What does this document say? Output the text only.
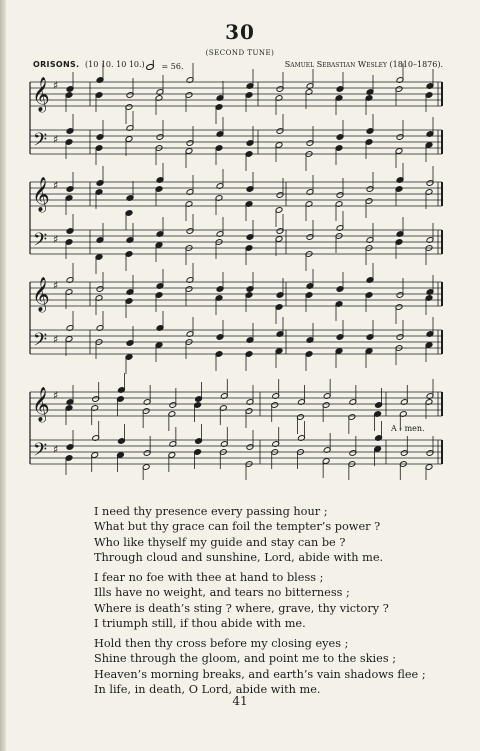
30
(SECOND TUNE)
ORISONS. (10 10. 10 10.)	= 56.	Samuel Sebastian Wesley (1810–1876).
𝄞
𝄢
♯
♯
𝄞
𝄢
♯
♯
𝄞
𝄢
♯
♯
𝄞
𝄢
♯
♯
A - men.
I need thy presence every passing hour ;
What but thy grace can foil the tempter’s power ?
Who like thyself my guide and stay can be ?
Through cloud and sunshine, Lord, abide with me.
I fear no foe with thee at hand to bless ;
Ills have no weight, and tears no bitterness ;
Where is death’s sting ? where, grave, thy victory ?
I triumph still, if thou abide with me.
Hold then thy cross before my closing eyes ;
Shine through the gloom, and point me to the skies ;
Heaven’s morning breaks, and earth’s vain shadows flee ;
In life, in death, O Lord, abide with me.
41
